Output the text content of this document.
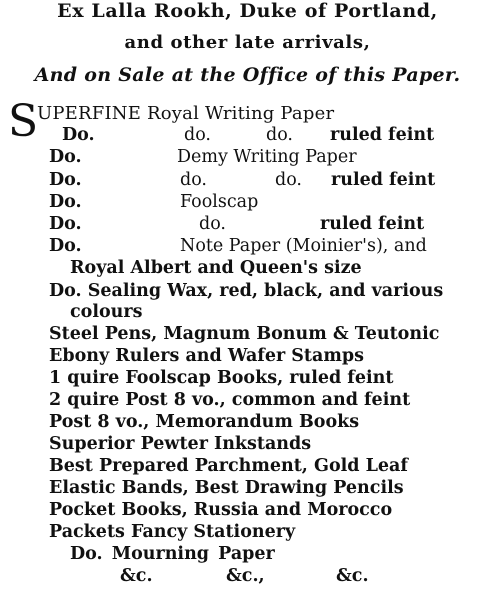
Ex Lalla Rookh, Duke of Portland,
and other late arrivals,
And on Sale at the Office of this Paper.
S
UPERFINE Royal Writing Paper
Do.	do.	do. ruled feint
Do.	Demy Writing Paper
Do.	do.	do. ruled feint
Do.	Foolscap
Do.	do.	ruled feint
Do.	Note Paper (Moinier's), and
Royal Albert and Queen's size
Do. Sealing Wax, red, black, and various
colours
Steel Pens, Magnum Bonum & Teutonic
Ebony Rulers and Wafer Stamps
1 quire Foolscap Books, ruled feint
2 quire Post 8 vo., common and feint
Post 8 vo., Memorandum Books
Superior Pewter Inkstands
Best Prepared Parchment, Gold Leaf
Elastic Bands, Best Drawing Pencils
Pocket Books, Russia and Morocco
Packets Fancy Stationery
Do. Mourning Paper
&c.	&c.,	&c.
